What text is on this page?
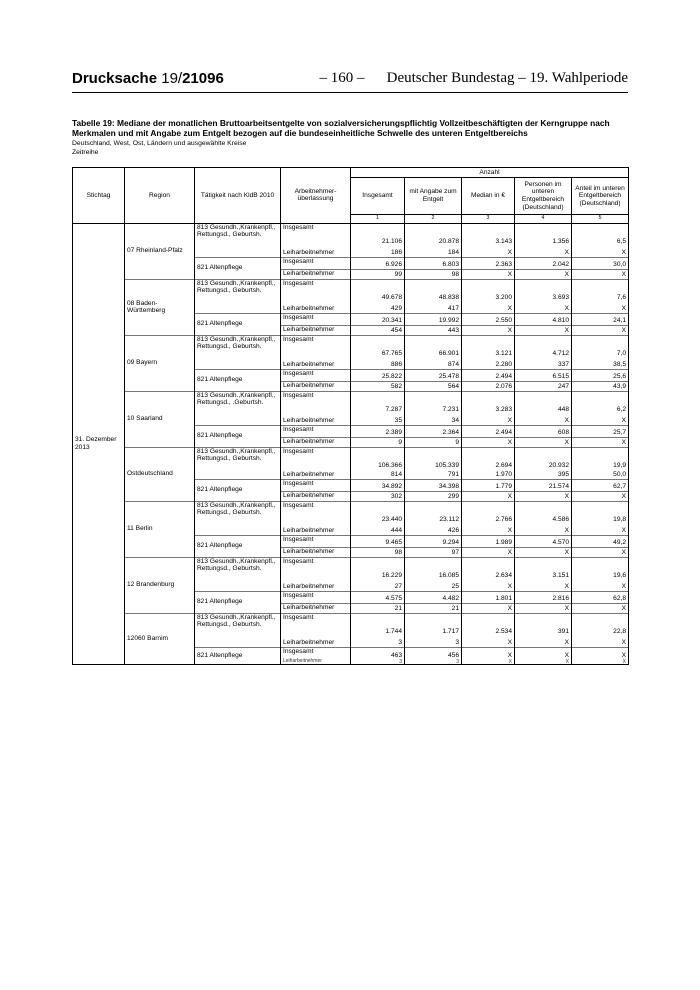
Drucksache 19/21096	– 160 –	Deutscher Bundestag – 19. Wahlperiode
Tabelle 19: Mediane der monatlichen Bruttoarbeitsentgelte von sozialversicherungspflichtig Vollzeitbeschäftigten der Kerngruppe nach Merkmalen und mit Angabe zum Entgelt bezogen auf die bundeseinheitliche Schwelle des unteren Entgeltbereichs
Deutschland, West, Ost, Ländern und ausgewählte Kreise
Zeitreihe
Stichtag	Region	Tätigkeit nach KldB 2010	Arbeitnehmer-überlassung	Anzahl				
				Insgesamt	mit Angabe zum Entgelt	Median in €	Personen im unteren Entgeltbereich (Deutschland)	Anteil im unteren Entgeltbereich (Deutschland)
				1	2	3	4	5
31. Dezember 2013	07 Rheinland-Pfalz	813 Gesundh.,Krankenpfl., Rettungsd., Geburtsh.	Insgesamt	21.106	20.878	3.143	1.356	6,5
			Leiharbeitnehmer	186	184	X	X	X
		821 Altenpflege	Insgesamt	6.926	6.803	2.363	2.042	30,0
			Leiharbeitnehmer	99	98	X	X	X
	08 Baden-Württemberg	813 Gesundh.,Krankenpfl., Rettungsd., Geburtsh.	Insgesamt	49.678	48.838	3.200	3.693	7,6
			Leiharbeitnehmer	429	417	X	X	X
		821 Altenpflege	Insgesamt	20.341	19.992	2.550	4.810	24,1
			Leiharbeitnehmer	454	443	X	X	X
	09 Bayern	813 Gesundh.,Krankenpfl., Rettungsd., Geburtsh.	Insgesamt	67.765	66.901	3.121	4.712	7,0
			Leiharbeitnehmer	886	874	2.280	337	38,5
		821 Altenpflege	Insgesamt	25.822	25.478	2.494	6.515	25,6
			Leiharbeitnehmer	582	564	2.076	247	43,9
	10 Saarland	813 Gesundh.,Krankenpfl., Rettungsd., .Geburtsh.	Insgesamt	7.287	7.231	3.283	448	6,2
			Leiharbeitnehmer	35	34	X	X	X
		821 Altenpflege	Insgesamt	2.389	2.364	2.494	608	25,7
			Leiharbeitnehmer	9	9	X	X	X
	Ostdeutschland	813 Gesundh.,Krankenpfl., Rettungsd., Geburtsh.	Insgesamt	106.366	105.339	2.694	20.932	19,9
			Leiharbeitnehmer	814	791	1.970	395	50,0
		821 Altenpflege	Insgesamt	34.892	34.398	1.779	21.574	62,7
			Leiharbeitnehmer	302	299	X	X	X
	11 Berlin	813 Gesundh.,Krankenpfl., Rettungsd., Geburtsh.	Insgesamt	23.440	23.112	2.766	4.586	19,8
			Leiharbeitnehmer	444	426	X	X	X
		821 Altenpflege	Insgesamt	9.465	9.294	1.989	4.570	49,2
			Leiharbeitnehmer	98	97	X	X	X
	12 Brandenburg	813 Gesundh.,Krankenpfl., Rettungsd., Geburtsh.	Insgesamt	16.229	16.085	2.634	3.151	19,6
			Leiharbeitnehmer	27	25	X	X	X
		821 Altenpflege	Insgesamt	4.575	4.482	1.801	2.816	62,8
			Leiharbeitnehmer	21	21	X	X	X
	12060 Barnim	813 Gesundh.,Krankenpfl., Rettungsd., Geburtsh.	Insgesamt	1.744	1.717	2.534	391	22,8
			Leiharbeitnehmer	3	3	X	X	X
		821 Altenpflege	Insgesamt	463	456	X	X	X
			Leiharbeitnehmer	3	3	X	X	X
